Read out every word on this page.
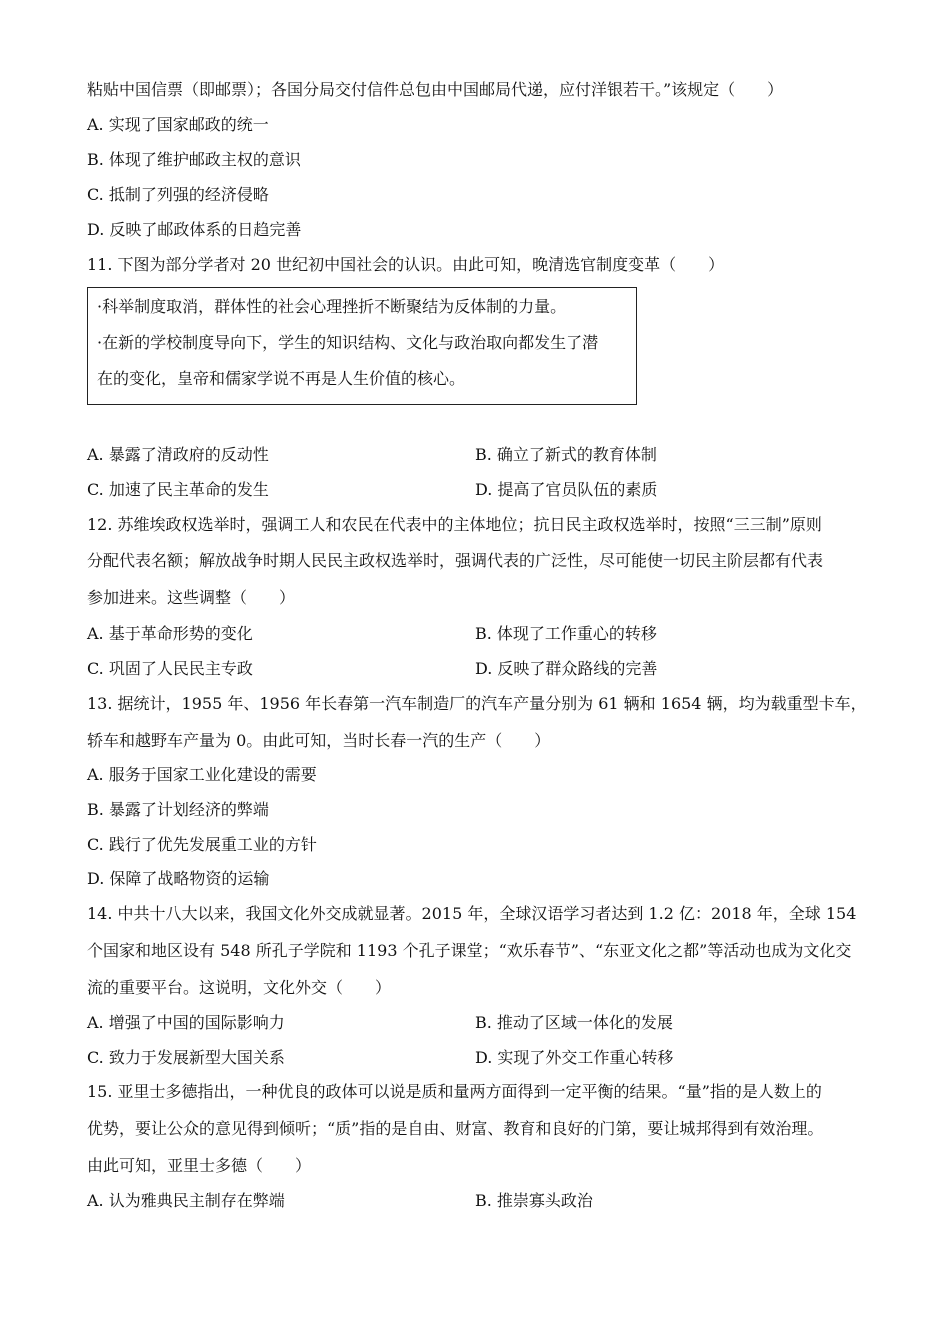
粘贴中国信票（即邮票）；各国分局交付信件总包由中国邮局代递，应付洋银若干。”该规定（　　）
A. 实现了国家邮政的统一
B. 体现了维护邮政主权的意识
C. 抵制了列强的经济侵略
D. 反映了邮政体系的日趋完善
11. 下图为部分学者对 20 世纪初中国社会的认识。由此可知，晚清选官制度变革（　　）
·科举制度取消，群体性的社会心理挫折不断聚结为反体制的力量。
·在新的学校制度导向下，学生的知识结构、文化与政治取向都发生了潜
在的变化，皇帝和儒家学说不再是人生价值的核心。
A. 暴露了清政府的反动性	B. 确立了新式的教育体制
C. 加速了民主革命的发生	D. 提高了官员队伍的素质
12. 苏维埃政权选举时，强调工人和农民在代表中的主体地位；抗日民主政权选举时，按照“三三制”原则
分配代表名额；解放战争时期人民民主政权选举时，强调代表的广泛性，尽可能使一切民主阶层都有代表
参加进来。这些调整（　　）
A. 基于革命形势的变化	B. 体现了工作重心的转移
C. 巩固了人民民主专政	D. 反映了群众路线的完善
13. 据统计，1955 年、1956 年长春第一汽车制造厂的汽车产量分别为 61 辆和 1654 辆，均为载重型卡车，
轿车和越野车产量为 0。由此可知，当时长春一汽的生产（　　）
A. 服务于国家工业化建设的需要
B. 暴露了计划经济的弊端
C. 践行了优先发展重工业的方针
D. 保障了战略物资的运输
14. 中共十八大以来，我国文化外交成就显著。2015 年，全球汉语学习者达到 1.2 亿：2018 年，全球 154
个国家和地区设有 548 所孔子学院和 1193 个孔子课堂；“欢乐春节”、“东亚文化之都”等活动也成为文化交
流的重要平台。这说明，文化外交（　　）
A. 增强了中国的国际影响力	B. 推动了区域一体化的发展
C. 致力于发展新型大国关系	D. 实现了外交工作重心转移
15. 亚里士多德指出，一种优良的政体可以说是质和量两方面得到一定平衡的结果。“量”指的是人数上的
优势，要让公众的意见得到倾听；“质”指的是自由、财富、教育和良好的门第，要让城邦得到有效治理。
由此可知，亚里士多德（　　）
A. 认为雅典民主制存在弊端	B. 推崇寡头政治
